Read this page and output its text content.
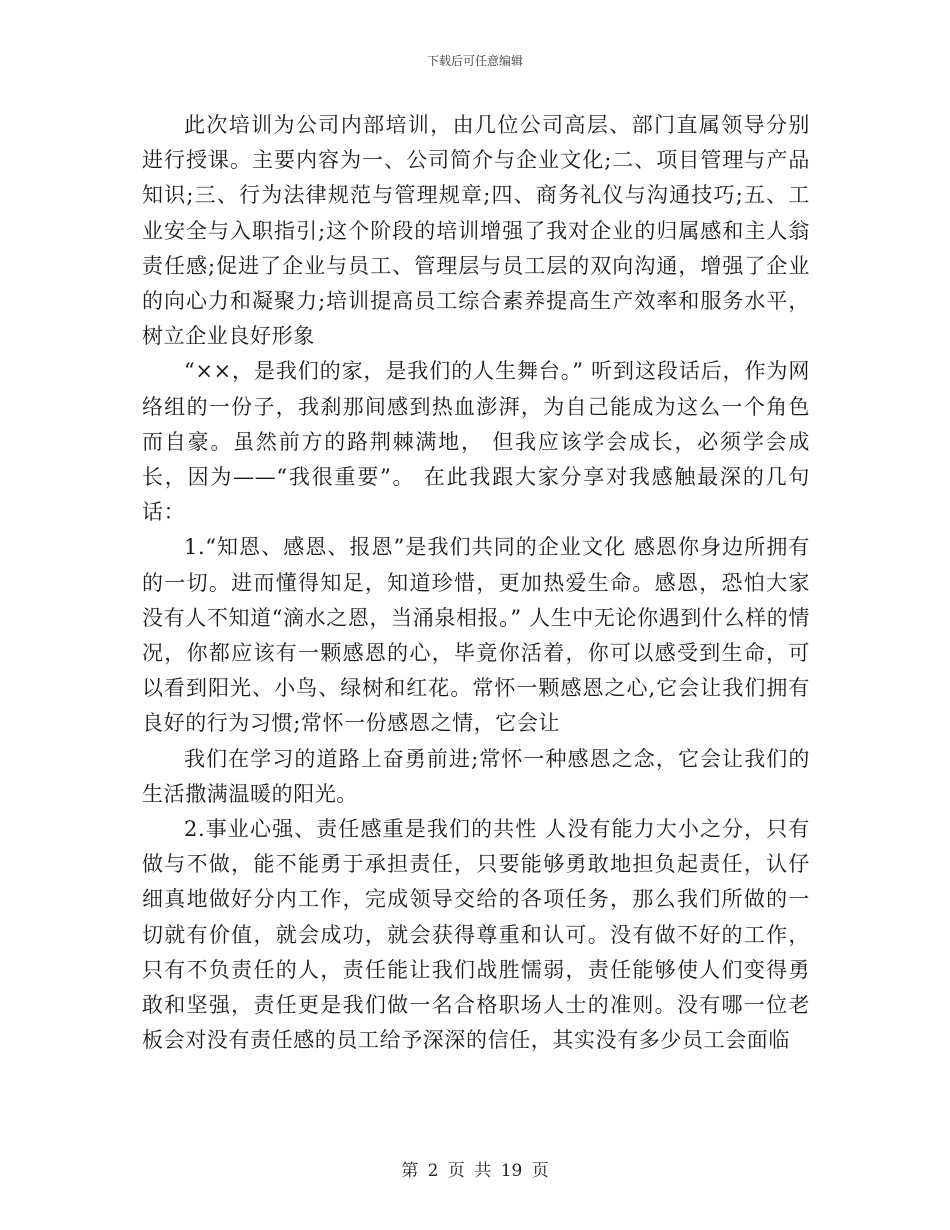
下载后可任意编辑

此次培训为公司内部培训，由几位公司高层、部门直属领导分别进行授课。主要内容为一、公司简介与企业文化;二、项目管理与产品知识;三、行为法律规范与管理规章;四、商务礼仪与沟通技巧;五、工业安全与入职指引;这个阶段的培训增强了我对企业的归属感和主人翁责任感;促进了企业与员工、管理层与员工层的双向沟通，增强了企业的向心力和凝聚力;培训提高员工综合素养提高生产效率和服务水平，树立企业良好形象

“××，是我们的家，是我们的人生舞台。” 听到这段话后，作为网络组的一份子，我刹那间感到热血澎湃，为自己能成为这么一个角色而自豪。虽然前方的路荆棘满地， 但我应该学会成长，必须学会成长，因为——“我很重要”。 在此我跟大家分享对我感触最深的几句话：

1.“知恩、感恩、报恩”是我们共同的企业文化 感恩你身边所拥有的一切。进而懂得知足，知道珍惜，更加热爱生命。感恩，恐怕大家没有人不知道“滴水之恩，当涌泉相报。” 人生中无论你遇到什么样的情况，你都应该有一颗感恩的心，毕竟你活着，你可以感受到生命，可以看到阳光、小鸟、绿树和红花。常怀一颗感恩之心,它会让我们拥有良好的行为习惯;常怀一份感恩之情，它会让

我们在学习的道路上奋勇前进;常怀一种感恩之念，它会让我们的生活撒满温暖的阳光。

2.事业心强、责任感重是我们的共性 人没有能力大小之分，只有做与不做，能不能勇于承担责任，只要能够勇敢地担负起责任，认仔细真地做好分内工作，完成领导交给的各项任务，那么我们所做的一切就有价值，就会成功，就会获得尊重和认可。没有做不好的工作，只有不负责任的人，责任能让我们战胜懦弱，责任能够使人们变得勇敢和坚强，责任更是我们做一名合格职场人士的准则。没有哪一位老板会对没有责任感的员工给予深深的信任，其实没有多少员工会面临

第 2 页 共 19 页
